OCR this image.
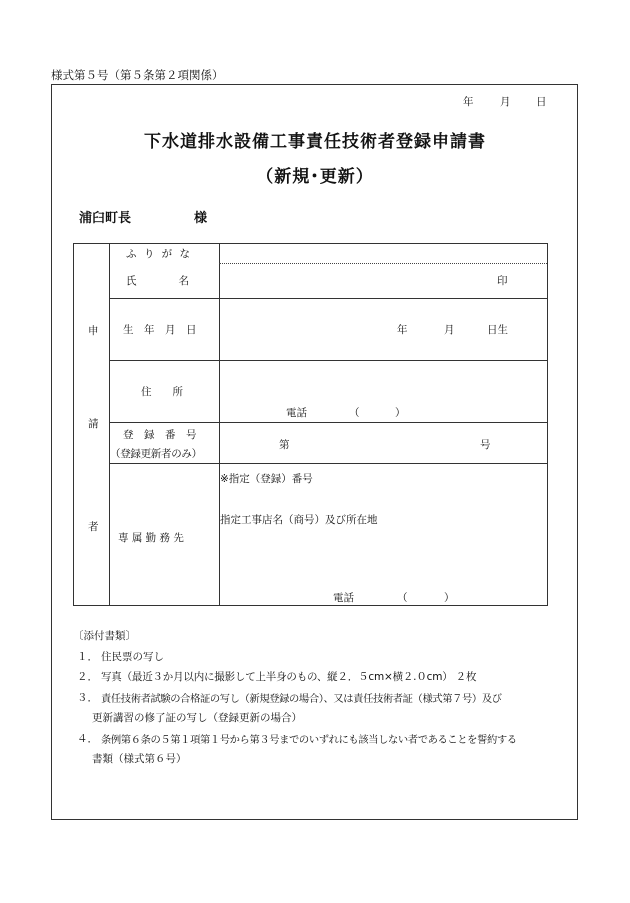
様式第５号（第５条第２項関係）
年	月 日
下水道排水設備工事責任技術者登録申請書
（新規･更新）
浦臼町長	様
申
請
者
ふ り が な
氏　　　　名	印
生　年　月　日	年	月	日生
住　　所
電話	（	）
登　録　番　号
（登録更新者のみ）
第	号
専 属 勤 務 先
※指定（登録）番号
指定工事店名（商号）及び所在地
電話	（	）
〔添付書類〕
１． 住民票の写し
２． 写真（最近３か月以内に撮影して上半身のもの、縦２．５cm×横２.０cm） ２枚
３． 責任技術者試験の合格証の写し（新規登録の場合）、又は責任技術者証（様式第７号）及び
更新講習の修了証の写し（登録更新の場合）
４． 条例第６条の５第１項第１号から第３号までのいずれにも該当しない者であることを誓約する
書類（様式第６号）
